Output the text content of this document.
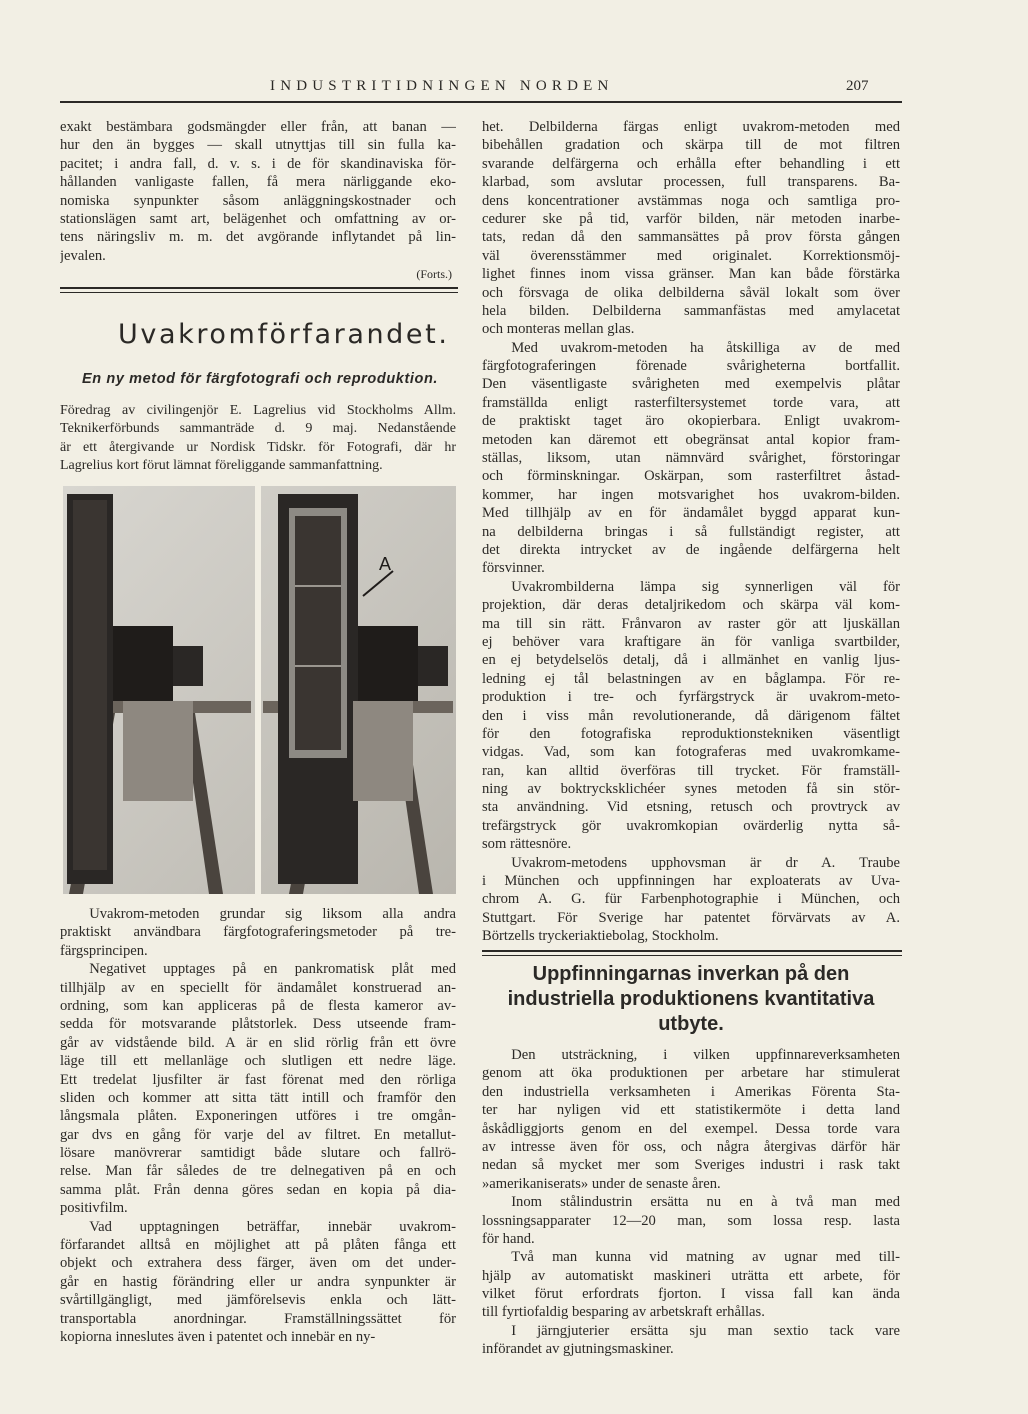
INDUSTRITIDNINGEN NORDEN	207
exakt bestämbara godsmängder eller från, att banan —
hur den än bygges — skall utnyttjas till sin fulla ka-
pacitet; i andra fall, d. v. s. i de för skandinaviska för-
hållanden vanligaste fallen, få mera närliggande eko-
nomiska synpunkter såsom anläggningskostnader och
stationslägen samt art, belägenhet och omfattning av or-
tens näringsliv m. m. det avgörande inflytandet på lin-
jevalen.
(Forts.)
Uvakromförfarandet.
En ny metod för färgfotografi och reproduktion.
Föredrag av civilingenjör E. Lagrelius vid Stockholms Allm.
Teknikerförbunds sammanträde d. 9 maj. Nedanstående
är ett återgivande ur Nordisk Tidskr. för Fotografi, där hr
Lagrelius kort förut lämnat föreliggande sammanfattning.
A
Uvakrom-metoden grundar sig liksom alla andra
praktiskt användbara färgfotograferingsmetoder på tre-
färgsprincipen.
Negativet upptages på en pankromatisk plåt med
tillhjälp av en speciellt för ändamålet konstruerad an-
ordning, som kan appliceras på de flesta kameror av-
sedda för motsvarande plåtstorlek. Dess utseende fram-
går av vidstående bild. A är en slid rörlig från ett övre
läge till ett mellanläge och slutligen ett nedre läge.
Ett tredelat ljusfilter är fast förenat med den rörliga
sliden och kommer att sitta tätt intill och framför den
långsmala plåten. Exponeringen utföres i tre omgån-
gar dvs en gång för varje del av filtret. En metallut-
lösare manövrerar samtidigt både slutare och fallrö-
relse. Man får således de tre delnegativen på en och
samma plåt. Från denna göres sedan en kopia på dia-
positivfilm.
Vad upptagningen beträffar, innebär uvakrom-
förfarandet alltså en möjlighet att på plåten fånga ett
objekt och extrahera dess färger, även om det under-
går en hastig förändring eller ur andra synpunkter är
svårtillgängligt, med jämförelsevis enkla och lätt-
transportabla anordningar. Framställningssättet för
kopiorna inneslutes även i patentet och innebär en ny-
het. Delbilderna färgas enligt uvakrom-metoden med
bibehållen gradation och skärpa till de mot filtren
svarande delfärgerna och erhålla efter behandling i ett
klarbad, som avslutar processen, full transparens. Ba-
dens koncentrationer avstämmas noga och samtliga pro-
cedurer ske på tid, varför bilden, när metoden inarbe-
tats, redan då den sammansättes på prov första gången
väl överensstämmer med originalet. Korrektionsmöj-
lighet finnes inom vissa gränser. Man kan både förstärka
och försvaga de olika delbilderna såväl lokalt som över
hela bilden. Delbilderna sammanfästas med amylacetat
och monteras mellan glas.
Med uvakrom-metoden ha åtskilliga av de med
färgfotograferingen förenade svårigheterna bortfallit.
Den väsentligaste svårigheten med exempelvis plåtar
framställda enligt rasterfiltersystemet torde vara, att
de praktiskt taget äro okopierbara. Enligt uvakrom-
metoden kan däremot ett obegränsat antal kopior fram-
ställas, liksom, utan nämnvärd svårighet, förstoringar
och förminskningar. Oskärpan, som rasterfiltret åstad-
kommer, har ingen motsvarighet hos uvakrom-bilden.
Med tillhjälp av en för ändamålet byggd apparat kun-
na delbilderna bringas i så fullständigt register, att
det direkta intrycket av de ingående delfärgerna helt
försvinner.
Uvakrombilderna lämpa sig synnerligen väl för
projektion, där deras detaljrikedom och skärpa väl kom-
ma till sin rätt. Frånvaron av raster gör att ljuskällan
ej behöver vara kraftigare än för vanliga svartbilder,
en ej betydelselös detalj, då i allmänhet en vanlig ljus-
ledning ej tål belastningen av en båglampa. För re-
produktion i tre- och fyrfärgstryck är uvakrom-meto-
den i viss mån revolutionerande, då därigenom fältet
för den fotografiska reproduktionstekniken väsentligt
vidgas. Vad, som kan fotograferas med uvakromkame-
ran, kan alltid överföras till trycket. För framställ-
ning av boktrycksklichéer synes metoden få sin stör-
sta användning. Vid etsning, retusch och provtryck av
trefärgstryck gör uvakromkopian ovärderlig nytta så-
som rättesnöre.
Uvakrom-metodens upphovsman är dr A. Traube
i München och uppfinningen har exploaterats av Uva-
chrom A. G. für Farbenphotographie i München, och
Stuttgart. För Sverige har patentet förvärvats av A.
Börtzells tryckeriaktiebolag, Stockholm.
Uppfinningarnas inverkan på den industriella produktionens kvantitativa utbyte.
Den utsträckning, i vilken uppfinnareverksamheten
genom att öka produktionen per arbetare har stimulerat
den industriella verksamheten i Amerikas Förenta Sta-
ter har nyligen vid ett statistikermöte i detta land
åskådliggjorts genom en del exempel. Dessa torde vara
av intresse även för oss, och några återgivas därför här
nedan så mycket mer som Sveriges industri i rask takt
»amerikaniserats» under de senaste åren.
Inom stålindustrin ersätta nu en à två man med
lossningsapparater 12—20 man, som lossa resp. lasta
för hand.
Två man kunna vid matning av ugnar med till-
hjälp av automatiskt maskineri uträtta ett arbete, för
vilket förut erfordrats fjorton. I vissa fall kan ända
till fyrtiofaldig besparing av arbetskraft erhållas.
I järngjuterier ersätta sju man sextio tack vare
införandet av gjutningsmaskiner.
